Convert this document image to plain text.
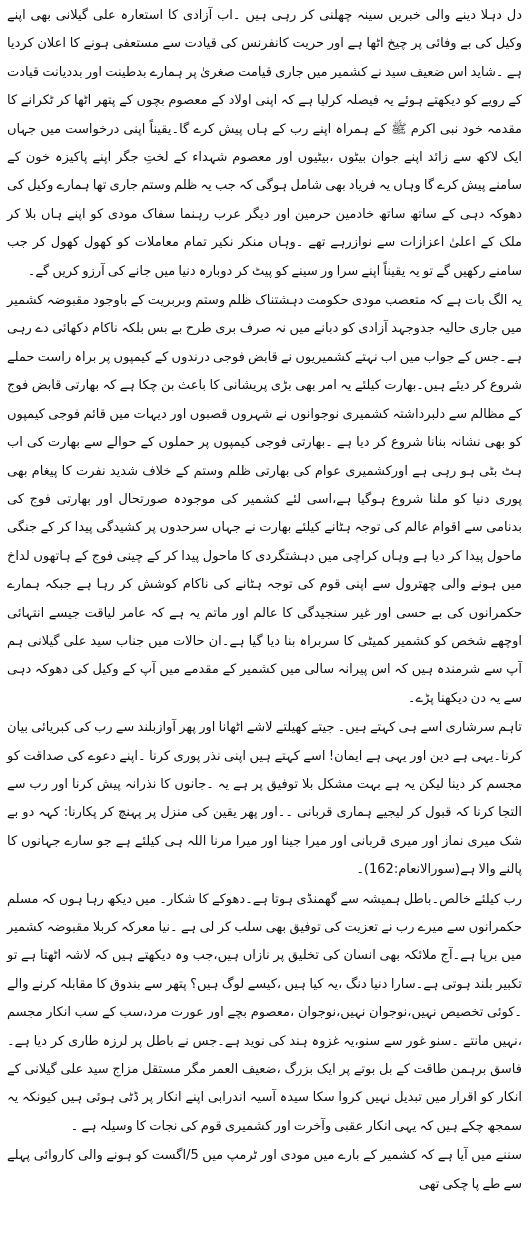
دل دہلا دینے والی خبریں سینہ چھلنی کر رہی ہیں ۔اب آزادی کا استعارہ علی گیلانی بھی اپنے وکیل کی بے وفائی پر چیخ اٹھا ہے اور حریت کانفرنس کی قیادت سے مستعفی ہونے کا اعلان کردیا ہے ۔شاید اس ضعیف سید نے کشمیر میں جاری قیامت صغریٰ پر ہمارے بدطینت اور بددیانت قیادت کے رویے کو دیکھتے ہوئے یہ فیصلہ کرلیا ہے کہ اپنی اولاد کے معصوم بچوں کے پتھر اٹھا کر ٹکرانے کا مقدمہ خود نبی اکرم ﷺ کے ہمراہ اپنے رب کے ہاں پیش کرے گا۔یقیناً اپنی درخواست میں جہاں ایک لاکھ سے زائد اپنے جوان بیٹوں ،بیٹیوں اور معصوم شہداء کے لختِ جگر اپنے پاکیزہ خون کے سامنے پیش کرے گا وہاں یہ فریاد بھی شامل ہوگی کہ جب یہ ظلم وستم جاری تھا ہمارے وکیل کی دھوکہ دہی کے ساتھ ساتھ خادمین حرمین اور دیگر عرب رہنما سفاک مودی کو اپنے ہاں بلا کر ملک کے اعلیٰ اعزازات سے نوازرہے تھے ۔وہاں منکر نکیر تمام معاملات کو کھول کھول کر جب سامنے رکھیں گے تو یہ یقیناً اپنے سرا ور سینے کو پیٹ کر دوبارہ دنیا میں جانے کی آرزو کریں گے۔

یہ الگ بات ہے کہ متعصب مودی حکومت دہشتناک ظلم وستم وبربریت کے باوجود مقبوضہ کشمیر میں جاری حالیہ جدوجہد آزادی کو دبانے میں نہ صرف بری طرح بے بس بلکہ ناکام دکھائی دے رہی ہے۔جس کے جواب میں اب نہتے کشمیریوں نے قابض فوجی درندوں کے کیمپوں پر براہ راست حملے شروع کر دیئے ہیں۔بھارت کیلئے یہ امر بھی بڑی پریشانی کا باعث بن چکا ہے کہ بھارتی قابض فوج کے مظالم سے دلبرداشتہ کشمیری نوجوانوں نے شہروں قصبوں اور دیہات میں قائم فوجی کیمپوں کو بھی نشانہ بنانا شروع کر دیا ہے ۔بھارتی فوجی کیمپوں پر حملوں کے حوالے سے بھارت کی اب ہٹ بٹی ہو رہی ہے اورکشمیری عوام کی بھارتی ظلم وستم کے خلاف شدید نفرت کا پیغام بھی پوری دنیا کو ملنا شروع ہوگیا ہے،اسی لئے کشمیر کی موجودہ صورتحال اور بھارتی فوج کی بدنامی سے اقوام عالم کی توجہ ہٹانے کیلئے بھارت نے جہاں سرحدوں پر کشیدگی پیدا کر کے جنگی ماحول پیدا کر دیا ہے وہاں کراچی میں دہشتگردی کا ماحول پیدا کر کے چینی فوج کے ہاتھوں لداخ میں ہونے والی چھترول سے اپنی قوم کی توجہ ہٹانے کی ناکام کوشش کر رہا ہے جبکہ ہمارے حکمرانوں کی بے حسی اور غیر سنجیدگی کا عالم اور ماتم یہ ہے کہ عامر لیاقت جیسے انتہائی اوچھے شخص کو کشمیر کمیٹی کا سربراہ بنا دیا گیا ہے۔ان حالات میں جناب سید علی گیلانی ہم آپ سے شرمندہ ہیں کہ اس پیرانہ سالی میں کشمیر کے مقدمے میں آپ کے وکیل کی دھوکہ دہی سے یہ دن دیکھنا پڑے۔

تاہم سرشاری اسے ہی کہتے ہیں۔ جیتے کھیلتے لاشے اٹھانا اور پھر آوازبلند سے رب کی کبریائی بیان کرنا۔یہی ہے دین اور یہی ہے ایمان! اسے کہتے ہیں اپنی نذر پوری کرنا ۔اپنے دعوے کی صداقت کو مجسم کر دینا لیکن یہ ہے بہت مشکل بلا توفیق پر ہے یہ ۔جانوں کا نذرانہ پیش کرنا اور رب سے التجا کرنا کہ قبول کر لیجیے ہماری قربانی ۔۔اور پھر یقین کی منزل پر پہنچ کر پکارنا: کہہ دو بے شک میری نماز اور میری قربانی اور میرا جینا اور میرا مرنا اللہ ہی کیلئے ہے جو سارے جہانوں کا پالنے والا ہے(سورالانعام:162)۔

رب کیلئے خالص۔باطل ہمیشہ سے گھمنڈی ہوتا ہے۔دھوکے کا شکار۔ میں دیکھ رہا ہوں کہ مسلم حکمرانوں سے میرے رب نے تعزیت کی توفیق بھی سلب کر لی ہے ۔نیا معرکہ کربلا مقبوضہ کشمیر میں برپا ہے۔آج ملائکہ بھی انسان کی تخلیق پر نازاں ہیں،جب وہ دیکھتے ہیں کہ لاشہ اٹھتا ہے تو تکبیر بلند ہوتی ہے۔سارا دنیا دنگ ،یہ کیا ہیں ،کیسے لوگ ہیں؟ پتھر سے بندوق کا مقابلہ کرنے والے ۔کوئی تخصیص نہیں،نوجوان نہیں،نوجوان ،معصوم بچے اور عورت مرد،سب کے سب انکار مجسم ،نہیں مانتے ۔سنو غور سے سنو،یہ غزوہ ہند کی نوید ہے۔جس نے باطل پر لرزہ طاری کر دیا ہے۔فاسق برہمن طاقت کے بل بوتے پر ایک بزرگ ،ضعیف العمر مگر مستقل مزاج سید علی گیلانی کے انکار کو اقرار میں تبدیل نہیں کروا سکا سیدہ آسیہ اندرابی اپنے انکار پر ڈٹی ہوئی ہیں کیونکہ یہ سمجھ چکے ہیں کہ یہی انکار عقبی وآخرت اور کشمیری قوم کی نجات کا وسیلہ ہے ۔

سننے میں آیا ہے کہ کشمیر کے بارے میں مودی اور ٹرمپ میں 5/اگست کو ہونے والی کاروائی پہلے سے طے پا چکی تھی
